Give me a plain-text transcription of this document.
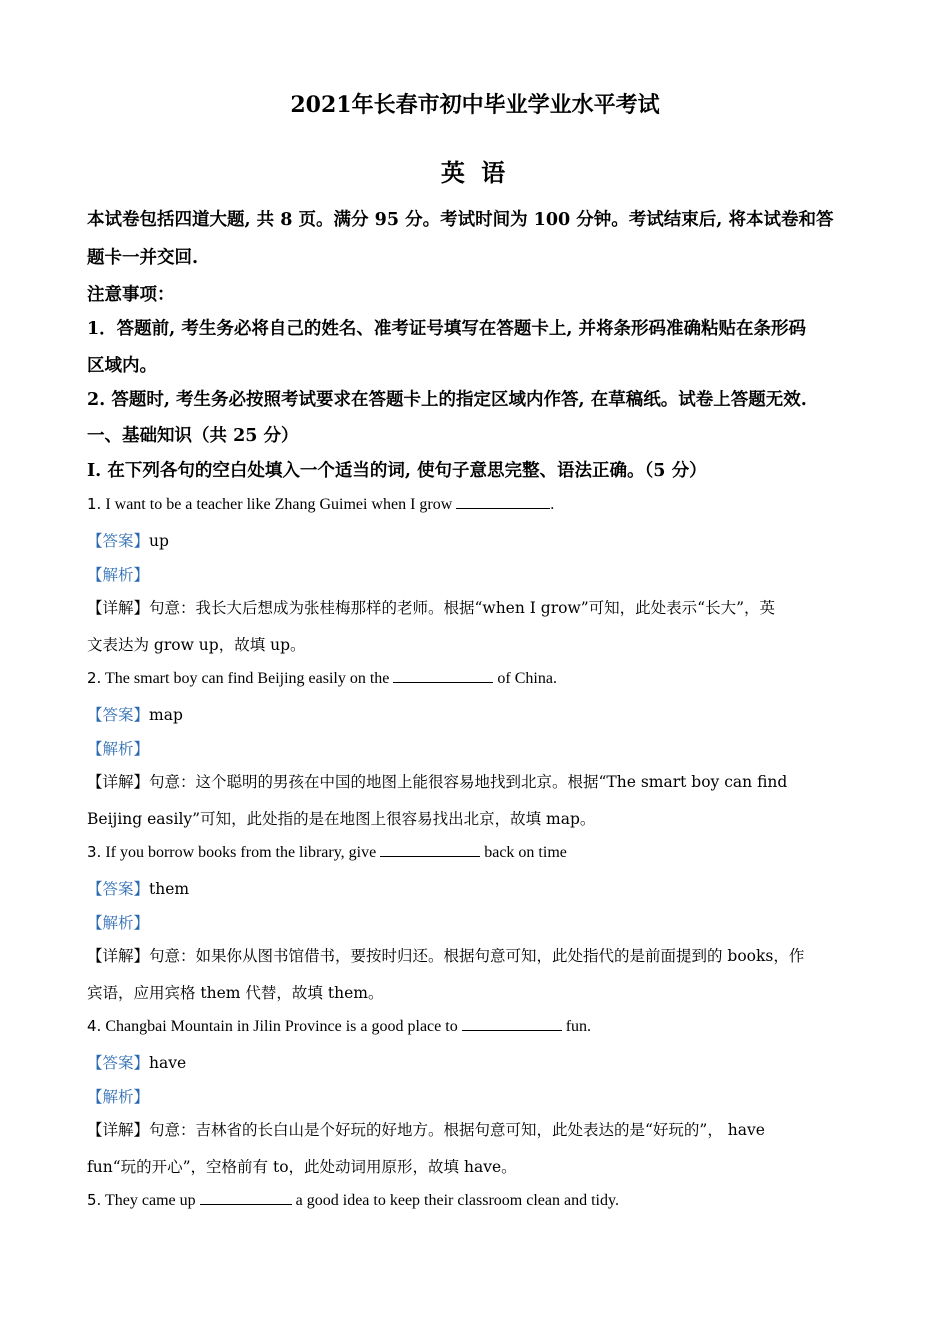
2021年长春市初中毕业学业水平考试
英 语
本试卷包括四道大题, 共 8 页。满分 95 分。考试时间为 100 分钟。考试结束后, 将本试卷和答
题卡一并交回.
注意事项：
1．答题前, 考生务必将自己的姓名、准考证号填写在答题卡上, 并将条形码准确粘贴在条形码
区域内。
2. 答题时, 考生务必按照考试要求在答题卡上的指定区域内作答, 在草稿纸。试卷上答题无效.
一、基础知识（共 25 分）
I. 在下列各句的空白处填入一个适当的词, 使句子意思完整、语法正确。（5 分）
1. I want to be a teacher like Zhang Guimei when I grow	.
【答案】up
【解析】
【详解】句意：我长大后想成为张桂梅那样的老师。根据“when I grow”可知，此处表示“长大”，英
文表达为 grow up，故填 up。
2. The smart boy can find Beijing easily on the	of China.
【答案】map
【解析】
【详解】句意：这个聪明的男孩在中国的地图上能很容易地找到北京。根据“The smart boy can find
Beijing easily”可知，此处指的是在地图上很容易找出北京，故填 map。
3. If you borrow books from the library, give	back on time
【答案】them
【解析】
【详解】句意：如果你从图书馆借书，要按时归还。根据句意可知，此处指代的是前面提到的 books，作
宾语，应用宾格 them 代替，故填 them。
4. Changbai Mountain in Jilin Province is a good place to	fun.
【答案】have
【解析】
【详解】句意：吉林省的长白山是个好玩的好地方。根据句意可知，此处表达的是“好玩的”， have
fun“玩的开心”，空格前有 to，此处动词用原形，故填 have。
5. They came up	a good idea to keep their classroom clean and tidy.
